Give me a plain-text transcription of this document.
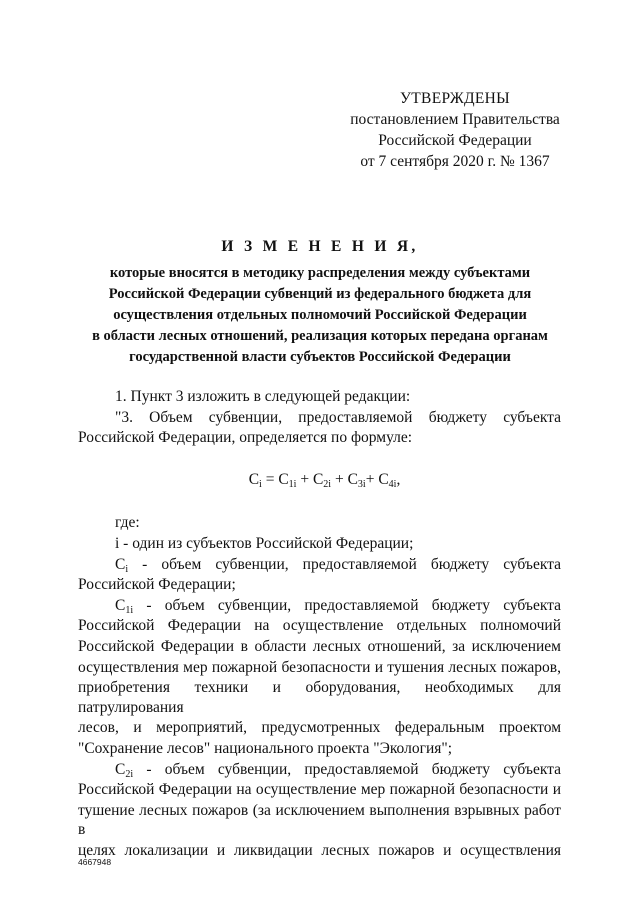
УТВЕРЖДЕНЫ
постановлением Правительства
Российской Федерации
от 7 сентября 2020 г. № 1367
И З М Е Н Е Н И Я,
которые вносятся в методику распределения между субъектами
Российской Федерации субвенций из федерального бюджета для
осуществления отдельных полномочий Российской Федерации
в области лесных отношений, реализация которых передана органам
государственной власти субъектов Российской Федерации
1. Пункт 3 изложить в следующей редакции:
"3. Объем субвенции, предоставляемой бюджету субъекта
Российской Федерации, определяется по формуле:
$C_i = C_{1i} + C_{2i} + C_{3i}+ C_{4i}$,
где:
i - один из субъектов Российской Федерации;
$C_i$ - объем субвенции, предоставляемой бюджету субъекта
Российской Федерации;
$C_{1i}$ - объем субвенции, предоставляемой бюджету субъекта
Российской Федерации на осуществление отдельных полномочий
Российской Федерации в области лесных отношений, за исключением
осуществления мер пожарной безопасности и тушения лесных пожаров,
приобретения техники и оборудования, необходимых для патрулирования
лесов, и мероприятий, предусмотренных федеральным проектом
"Сохранение лесов" национального проекта "Экология";
$C_{2i}$ - объем субвенции, предоставляемой бюджету субъекта
Российской Федерации на осуществление мер пожарной безопасности и
тушение лесных пожаров (за исключением выполнения взрывных работ в
целях локализации и ликвидации лесных пожаров и осуществления
4667948
